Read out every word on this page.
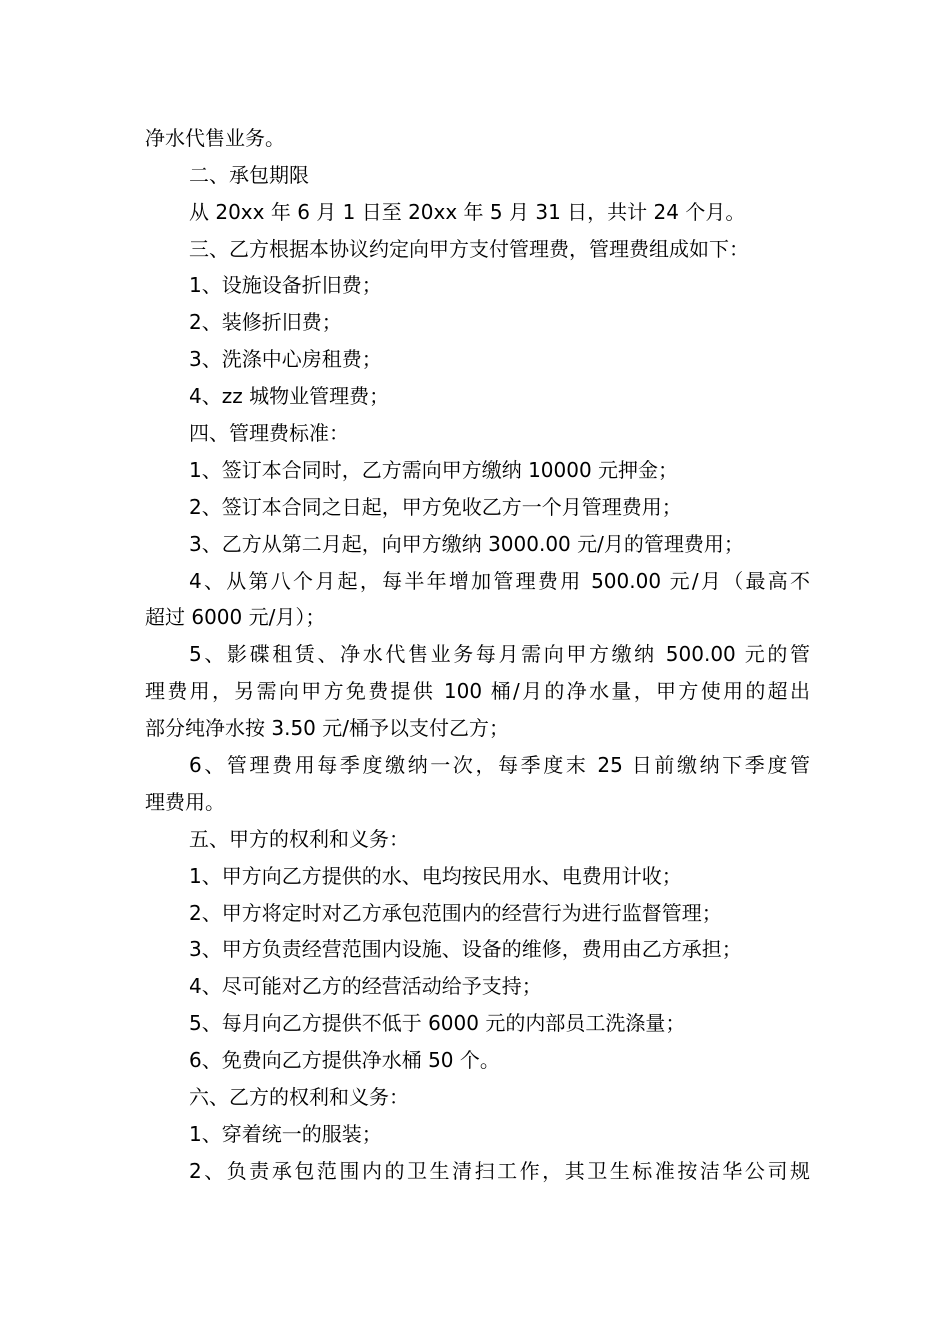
净水代售业务。
二、承包期限
从 20xx 年 6 月 1 日至 20xx 年 5 月 31 日，共计 24 个月。
三、乙方根据本协议约定向甲方支付管理费，管理费组成如下：
1、设施设备折旧费；
2、装修折旧费；
3、洗涤中心房租费；
4、zz 城物业管理费；
四、管理费标准：
1、签订本合同时，乙方需向甲方缴纳 10000 元押金；
2、签订本合同之日起，甲方免收乙方一个月管理费用；
3、乙方从第二月起，向甲方缴纳 3000.00 元/月的管理费用；
4、从第八个月起，每半年增加管理费用 500.00 元/月（最高不
超过 6000 元/月）；
5、影碟租赁、净水代售业务每月需向甲方缴纳 500.00 元的管
理费用，另需向甲方免费提供 100 桶/月的净水量，甲方使用的超出
部分纯净水按 3.50 元/桶予以支付乙方；
6、管理费用每季度缴纳一次，每季度末 25 日前缴纳下季度管
理费用。
五、甲方的权利和义务：
1、甲方向乙方提供的水、电均按民用水、电费用计收；
2、甲方将定时对乙方承包范围内的经营行为进行监督管理；
3、甲方负责经营范围内设施、设备的维修，费用由乙方承担；
4、尽可能对乙方的经营活动给予支持；
5、每月向乙方提供不低于 6000 元的内部员工洗涤量；
6、免费向乙方提供净水桶 50 个。
六、乙方的权利和义务：
1、穿着统一的服装；
2、负责承包范围内的卫生清扫工作，其卫生标准按洁华公司规
